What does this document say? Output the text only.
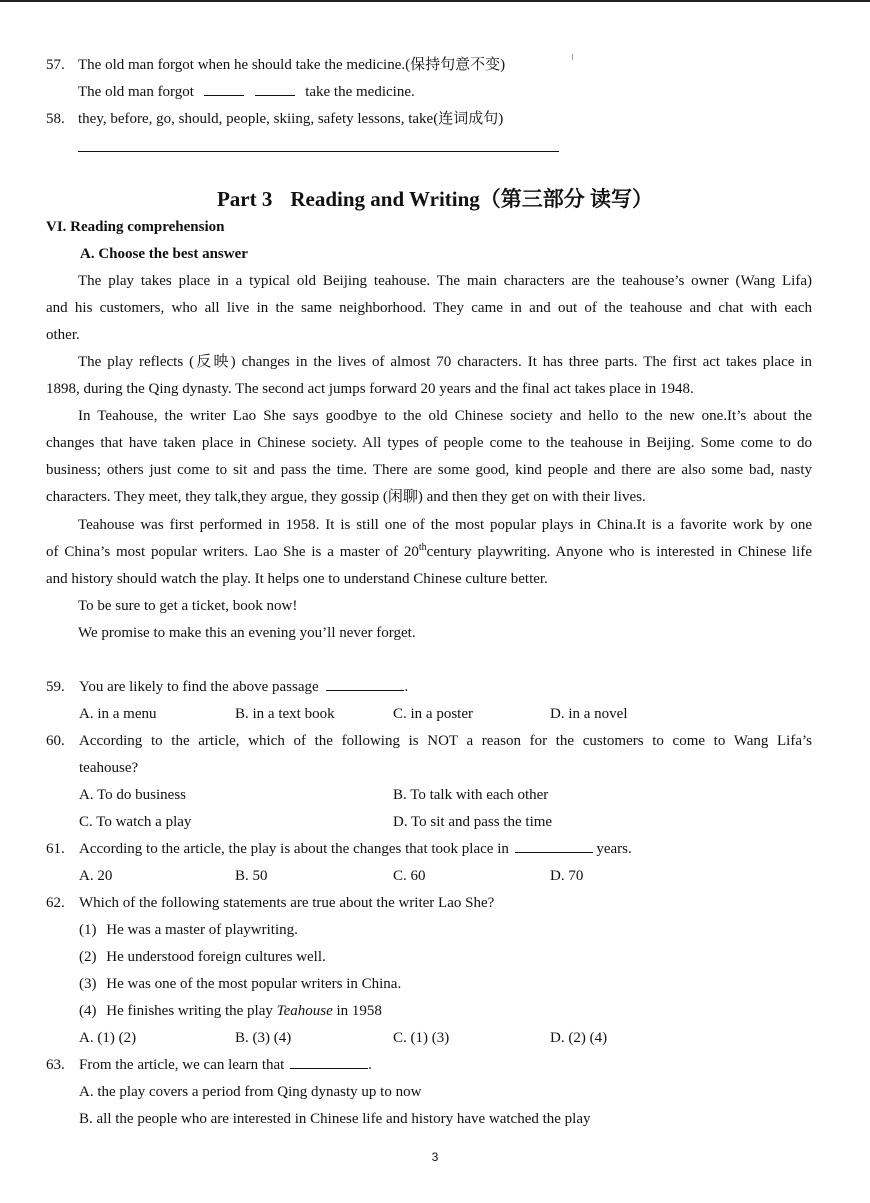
57. The old man forgot when he should take the medicine.(保持句意不变)
The old man forgot	take the medicine.
58. they, before, go, should, people, skiing, safety lessons, take(连词成句)
Part 3 Reading and Writing（第三部分 读写）
VI. Reading comprehension
A. Choose the best answer
The play takes place in a typical old Beijing teahouse. The main characters are the teahouse’s owner (Wang Lifa)
and his customers, who all live in the same neighborhood. They came in and out of the teahouse and chat with each
other.
The play reflects (反映) changes in the lives of almost 70 characters. It has three parts. The first act takes place in
1898, during the Qing dynasty. The second act jumps forward 20 years and the final act takes place in 1948.
In Teahouse, the writer Lao She says goodbye to the old Chinese society and hello to the new one.It’s about the
changes that have taken place in Chinese society. All types of people come to the teahouse in Beijing. Some come to do
business; others just come to sit and pass the time. There are some good, kind people and there are also some bad, nasty
characters. They meet, they talk,they argue, they gossip (闲聊) and then they get on with their lives.
Teahouse was first performed in 1958. It is still one of the most popular plays in China.It is a favorite work by one
of China’s most popular writers. Lao She is a master of 20thcentury playwriting. Anyone who is interested in Chinese life
and history should watch the play. It helps one to understand Chinese culture better.
To be sure to get a ticket, book now!
We promise to make this an evening you’ll never forget.
59. You are likely to find the above passage	.
A. in a menu	B. in a text book	C. in a poster	D. in a novel
60. According to the article, which of the following is NOT a reason for the customers to come to Wang Lifa’s
teahouse?
A. To do business	B. To talk with each other
C. To watch a play	D. To sit and pass the time
61. According to the article, the play is about the changes that took place in	years.
A. 20	B. 50	C. 60	D. 70
62. Which of the following statements are true about the writer Lao She?
(1) He was a master of playwriting.
(2) He understood foreign cultures well.
(3) He was one of the most popular writers in China.
(4) He finishes writing the play Teahouse in 1958
A. (1) (2)	B. (3) (4)	C. (1) (3)	D. (2) (4)
63. From the article, we can learn that	.
A. the play covers a period from Qing dynasty up to now
B. all the people who are interested in Chinese life and history have watched the play
3
